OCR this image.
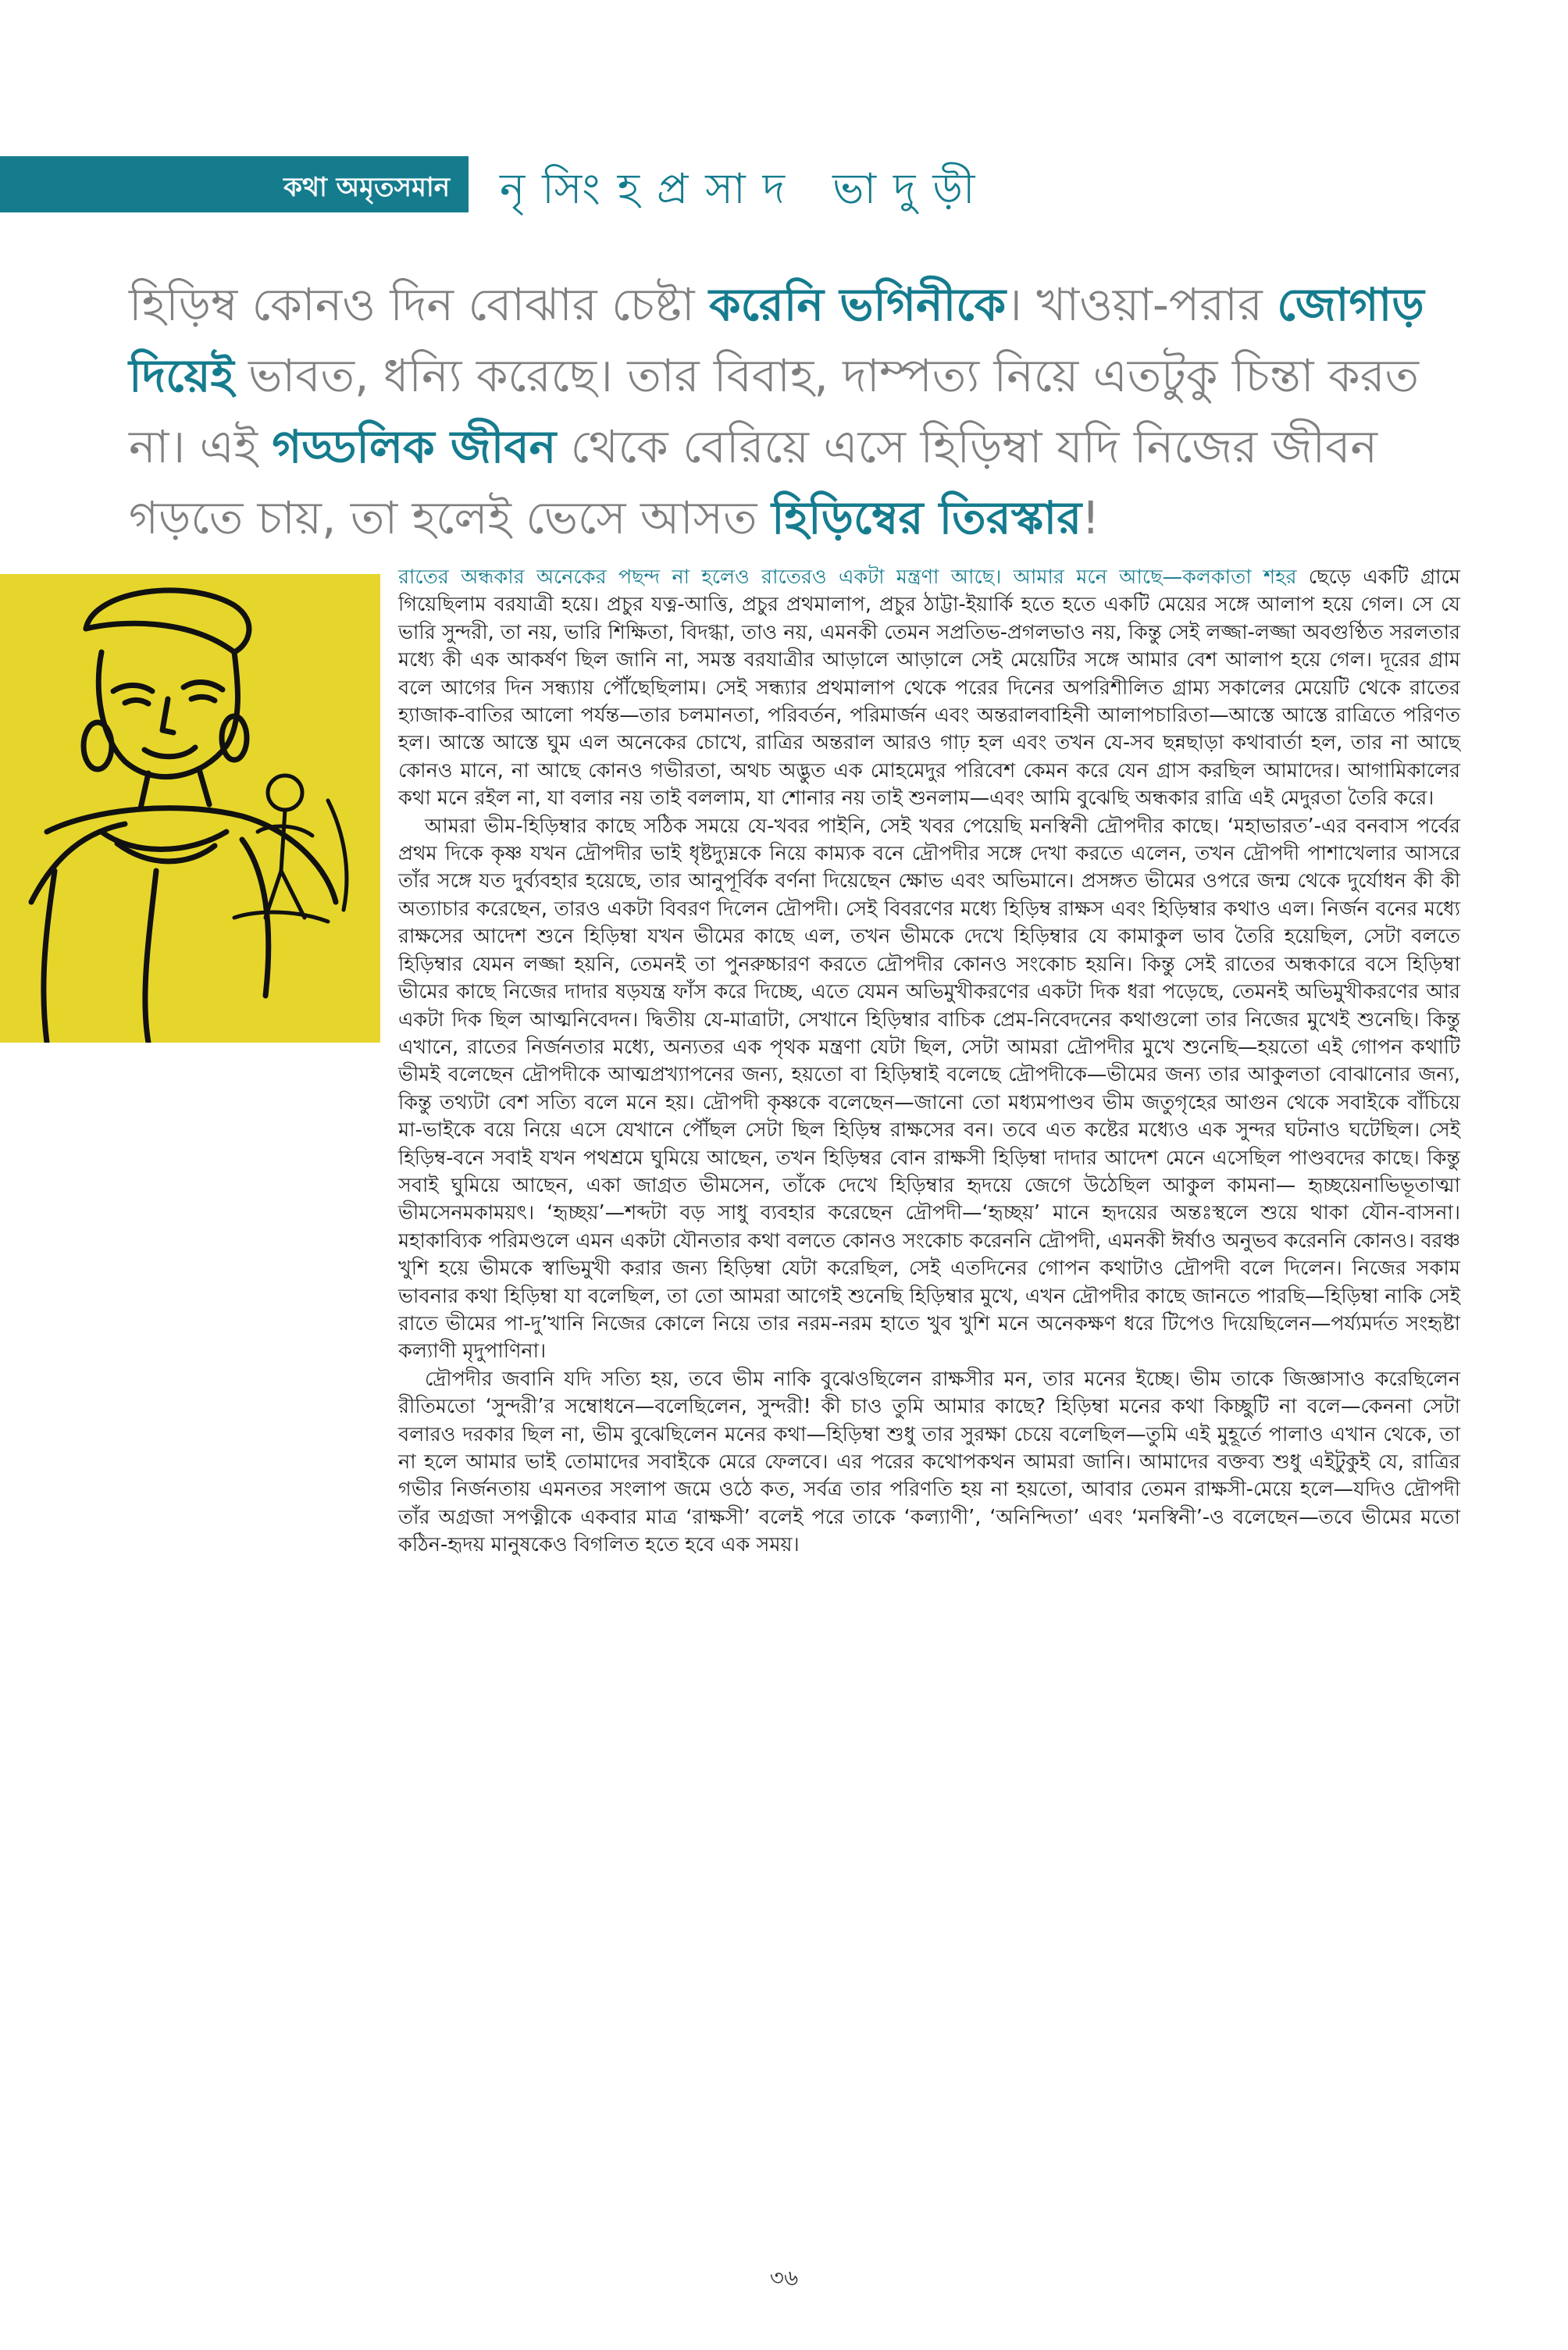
কথা অমৃতসমান নৃসিংহপ্রসাদ ভাদুড়ী
হিড়িম্ব কোনও দিন বোঝার চেষ্টা করেনি ভগিনীকে। খাওয়া-পরার জোগাড় দিয়েই ভাবত, ধন্যি করেছে। তার বিবাহ, দাম্পত্য নিয়ে এতটুকু চিন্তা করত না। এই গড্ডলিক জীবন থেকে বেরিয়ে এসে হিড়িম্বা যদি নিজের জীবন গড়তে চায়, তা হলেই ভেসে আসত হিড়িম্বের তিরস্কার!

রাতের অন্ধকার অনেকের পছন্দ না হলেও রাতেরও একটা মন্ত্রণা আছে। আমার মনে আছে—কলকাতা শহর ছেড়ে একটি গ্রামে গিয়েছিলাম বরযাত্রী হয়ে। প্রচুর যত্ন-আত্তি, প্রচুর প্রথমালাপ, প্রচুর ঠাট্টা-ইয়ার্কি হতে হতে একটি মেয়ের সঙ্গে আলাপ হয়ে গেল। সে যে ভারি সুন্দরী, তা নয়, ভারি শিক্ষিতা, বিদগ্ধা, তাও নয়, এমনকী তেমন সপ্রতিভ-প্রগলভাও নয়, কিন্তু সেই লজ্জা-লজ্জা অবগুণ্ঠিত সরলতার মধ্যে কী এক আকর্ষণ ছিল জানি না, সমস্ত বরযাত্রীর আড়ালে আড়ালে সেই মেয়েটির সঙ্গে আমার বেশ আলাপ হয়ে গেল। দূরের গ্রাম বলে আগের দিন সন্ধ্যায় পৌঁছেছিলাম। সেই সন্ধ্যার প্রথমালাপ থেকে পরের দিনের অপরিশীলিত গ্রাম্য সকালের মেয়েটি থেকে রাতের হ্যাজাক-বাতির আলো পর্যন্ত—তার চলমানতা, পরিবর্তন, পরিমার্জন এবং অন্তরালবাহিনী আলাপচারিতা—আস্তে আস্তে রাত্রিতে পরিণত হল। আস্তে আস্তে ঘুম এল অনেকের চোখে, রাত্রির অন্তরাল আরও গাঢ় হল এবং তখন যে-সব ছন্নছাড়া কথাবার্তা হল, তার না আছে কোনও মানে, না আছে কোনও গভীরতা, অথচ অদ্ভুত এক মোহমেদুর পরিবেশ কেমন করে যেন গ্রাস করছিল আমাদের। আগামিকালের কথা মনে রইল না, যা বলার নয় তাই বললাম, যা শোনার নয় তাই শুনলাম—এবং আমি বুঝেছি অন্ধকার রাত্রি এই মেদুরতা তৈরি করে।

আমরা ভীম-হিড়িম্বার কাছে সঠিক সময়ে যে-খবর পাইনি, সেই খবর পেয়েছি মনস্বিনী দ্রৌপদীর কাছে। ‘মহাভারত’-এর বনবাস পর্বের প্রথম দিকে কৃষ্ণ যখন দ্রৌপদীর ভাই ধৃষ্টদ্যুম্নকে নিয়ে কাম্যক বনে দ্রৌপদীর সঙ্গে দেখা করতে এলেন, তখন দ্রৌপদী পাশাখেলার আসরে তাঁর সঙ্গে যত দুর্ব্যবহার হয়েছে, তার আনুপূর্বিক বর্ণনা দিয়েছেন ক্ষোভ এবং অভিমানে। প্রসঙ্গত ভীমের ওপরে জন্ম থেকে দুর্যোধন কী কী অত্যাচার করেছেন, তারও একটা বিবরণ দিলেন দ্রৌপদী। সেই বিবরণের মধ্যে হিড়িম্ব রাক্ষস এবং হিড়িম্বার কথাও এল। নির্জন বনের মধ্যে রাক্ষসের আদেশ শুনে হিড়িম্বা যখন ভীমের কাছে এল, তখন ভীমকে দেখে হিড়িম্বার যে কামাকুল ভাব তৈরি হয়েছিল, সেটা বলতে হিড়িম্বার যেমন লজ্জা হয়নি, তেমনই তা পুনরুচ্চারণ করতে দ্রৌপদীর কোনও সংকোচ হয়নি। কিন্তু সেই রাতের অন্ধকারে বসে হিড়িম্বা ভীমের কাছে নিজের দাদার ষড়যন্ত্র ফাঁস করে দিচ্ছে, এতে যেমন অভিমুখীকরণের একটা দিক ধরা পড়েছে, তেমনই অভিমুখীকরণের আর একটা দিক ছিল আত্মনিবেদন। দ্বিতীয় যে-মাত্রাটা, সেখানে হিড়িম্বার বাচিক প্রেম-নিবেদনের কথাগুলো তার নিজের মুখেই শুনেছি। কিন্তু এখানে, রাতের নির্জনতার মধ্যে, অন্যতর এক পৃথক মন্ত্রণা যেটা ছিল, সেটা আমরা দ্রৌপদীর মুখে শুনেছি—হয়তো এই গোপন কথাটি ভীমই বলেছেন দ্রৌপদীকে আত্মপ্রখ্যাপনের জন্য, হয়তো বা হিড়িম্বাই বলেছে দ্রৌপদীকে—ভীমের জন্য তার আকুলতা বোঝানোর জন্য, কিন্তু তথ্যটা বেশ সত্যি বলে মনে হয়। দ্রৌপদী কৃষ্ণকে বলেছেন—জানো তো মধ্যমপাণ্ডব ভীম জতুগৃহের আগুন থেকে সবাইকে বাঁচিয়ে মা-ভাইকে বয়ে নিয়ে এসে যেখানে পৌঁছল সেটা ছিল হিড়িম্ব রাক্ষসের বন। তবে এত কষ্টের মধ্যেও এক সুন্দর ঘটনাও ঘটেছিল। সেই হিড়িম্ব-বনে সবাই যখন পথশ্রমে ঘুমিয়ে আছেন, তখন হিড়িম্বর বোন রাক্ষসী হিড়িম্বা দাদার আদেশ মেনে এসেছিল পাণ্ডবদের কাছে। কিন্তু সবাই ঘুমিয়ে আছেন, একা জাগ্রত ভীমসেন, তাঁকে দেখে হিড়িম্বার হৃদয়ে জেগে উঠেছিল আকুল কামনা— হৃচ্ছয়েনাভিভূতাত্মা ভীমসেনমকাময়ৎ। ‘হৃচ্ছয়’—শব্দটা বড় সাধু ব্যবহার করেছেন দ্রৌপদী—‘হৃচ্ছয়’ মানে হৃদয়ের অন্তঃস্থলে শুয়ে থাকা যৌন-বাসনা। মহাকাব্যিক পরিমণ্ডলে এমন একটা যৌনতার কথা বলতে কোনও সংকোচ করেননি দ্রৌপদী, এমনকী ঈর্ষাও অনুভব করেননি কোনও। বরঞ্চ খুশি হয়ে ভীমকে স্বাভিমুখী করার জন্য হিড়িম্বা যেটা করেছিল, সেই এতদিনের গোপন কথাটাও দ্রৌপদী বলে দিলেন। নিজের সকাম ভাবনার কথা হিড়িম্বা যা বলেছিল, তা তো আমরা আগেই শুনেছি হিড়িম্বার মুখে, এখন দ্রৌপদীর কাছে জানতে পারছি—হিড়িম্বা নাকি সেই রাতে ভীমের পা-দু’খানি নিজের কোলে নিয়ে তার নরম-নরম হাতে খুব খুশি মনে অনেকক্ষণ ধরে টিপেও দিয়েছিলেন—পর্য্যমর্দত সংহৃষ্টা কল্যাণী মৃদুপাণিনা।

দ্রৌপদীর জবানি যদি সত্যি হয়, তবে ভীম নাকি বুঝেওছিলেন রাক্ষসীর মন, তার মনের ইচ্ছে। ভীম তাকে জিজ্ঞাসাও করেছিলেন রীতিমতো ‘সুন্দরী’র সম্বোধনে—বলেছিলেন, সুন্দরী! কী চাও তুমি আমার কাছে? হিড়িম্বা মনের কথা কিচ্ছুটি না বলে—কেননা সেটা বলারও দরকার ছিল না, ভীম বুঝেছিলেন মনের কথা—হিড়িম্বা শুধু তার সুরক্ষা চেয়ে বলেছিল—তুমি এই মুহূর্তে পালাও এখান থেকে, তা না হলে আমার ভাই তোমাদের সবাইকে মেরে ফেলবে। এর পরের কথোপকথন আমরা জানি। আমাদের বক্তব্য শুধু এইটুকুই যে, রাত্রির গভীর নির্জনতায় এমনতর সংলাপ জমে ওঠে কত, সর্বত্র তার পরিণতি হয় না হয়তো, আবার তেমন রাক্ষসী-মেয়ে হলে—যদিও দ্রৌপদী তাঁর অগ্রজা সপত্নীকে একবার মাত্র ‘রাক্ষসী’ বলেই পরে তাকে ‘কল্যাণী’, ‘অনিন্দিতা’ এবং ‘মনস্বিনী’-ও বলেছেন—তবে ভীমের মতো কঠিন-হৃদয় মানুষকেও বিগলিত হতে হবে এক সময়।

৩৬
